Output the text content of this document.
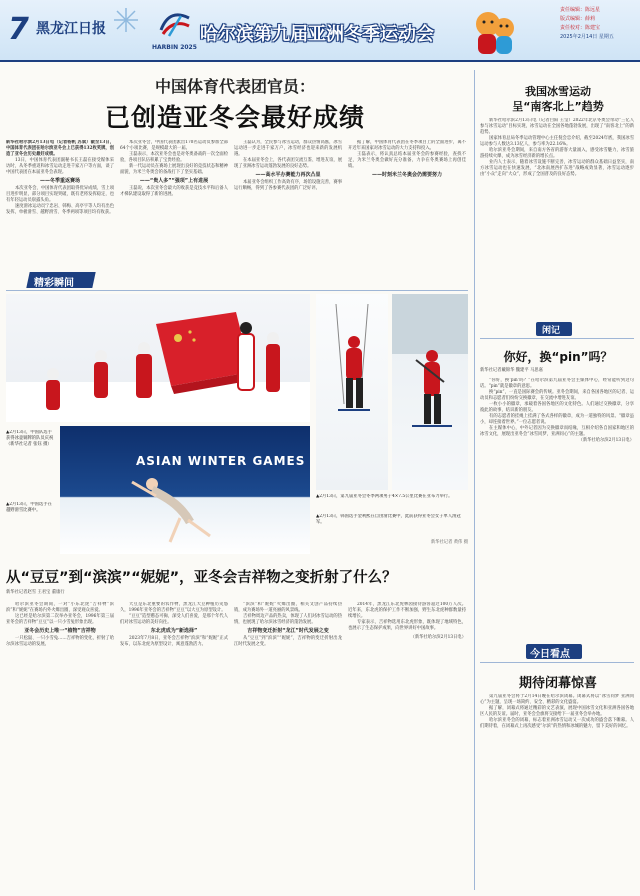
7 黑龙江日报
HARBIN 2025
哈尔滨第九届亚洲冬季运动会
责任编辑：陈远星
版式编辑：薛莉
责任校对：陈建宝
2025年2月14日 星期五
中国体育代表团官员：
已创造亚冬会最好成绩

新华社哈尔滨2月13日电（记者杨帆 苏斌）截至13日，中国体育代表团在哈尔滨亚冬会上已获得132枚奖牌，创造了亚冬会历史最好成绩。

13日，中国体育代表团副秘书长王磊在接受媒体采访时，从冬季重返和冰雪运动走进千家万户等方面，谈了中国代表团在本届亚冬会表现。

——冬季重返赛场

本次亚冬会，中国体育代表团取得优异成绩，雪上项目进步明显，部分项目实现突破，既有老将发挥稳定，也有年轻运动员崭露头角。

速度滑冰运动员宁忠岩、韩梅、高亭宇等人均有出色发挥，单板滑雪、越野滑雪、冬季两项等项目均有收获。

本次亚冬会，中国代表团派出170名运动员参加全部64个小项比赛，是规模最大的一届。

王磊表示，本次亚冬会也是对冬奥备战的一次全面检验，各项目队伍积累了宝贵经验。

新一代运动员在赛场上展现出良好的竞技状态和精神面貌，为米兰冬奥会的备战打下了坚实基础。

——“贵人多”“强项”上有进展

王磊说，本次亚冬会最大的收获是竞技水平和后备人才梯队建设取得了新的进展。

王磊认为，全民参与冰雪运动，群众热情高涨，冰雪运动进一步走进千家万户，冰雪经济也迎来新的发展机遇。

在本届亚冬会上，各代表团交流互鉴、增进友谊，展现了亚洲冰雪运动蓬勃发展的良好态势。

——高水平办赛能力再次凸显

本届亚冬会组织工作高效有序，场馆设施完善，赛事运行顺畅，得到了各参赛代表团的广泛好评。

据了解，中国体育代表团在冬季项目上的全面进步，离不开近年来国家对冰雪运动的大力支持和投入。

王磊表示，将认真总结本届亚冬会的参赛经验，查找不足，为米兰冬奥会做好充分准备，力争在冬奥赛场上再创佳绩。

——时刻米兰冬奥会仍需要努力
精彩瞬间
ASIAN WINTER GAMES
▲2月13日，中国队选手获得冰壶铜牌的队员庆祝（新华社记者 张钰 摄）
▲2月13日，中国选手在越野滑雪比赛中。
▲2月13日，第九届亚冬会冬季两项男子4×7.5公里比赛在亚布力举行。
▲2月13日，韩国选手金利熙在自由滑比赛中，此前获得亚冬会女子单人滑冠军。
新华社记者 黄伟 摄
从“豆豆”到“滨滨”“妮妮”，亚冬会吉祥物之变折射了什么？
新华社记者赵雪 王君宝 董康行

哈尔滨亚冬会期间，一对“小东北虎”吉祥物“滨滨”和“妮妮”在赛场内外火爆出圈，深受观众喜爱。

这已经是哈尔滨第二次举办亚冬会，1996年第三届亚冬会的吉祥物“豆豆”以一只小雪兔形象出现。

亚冬会历史上唯一“植物”吉祥物

一只松鼠、一只小雪兔……吉祥物的变化，折射了哈尔滨冰雪运动的发展。

大豆是东北重要的农作物，黑龙江大豆种植历史悠久，1996年亚冬会的吉祥物“豆豆”以大豆为原型设计。

“豆豆”造型憨态可掬，深受人们喜爱，是那个年代人们对冰雪运动的美好向往。

东北虎成为“新选择”

2023年7月8日，亚冬会吉祥物“滨滨”和“妮妮”正式发布，以东北虎为原型设计，寓意蓬勃活力。

“滨滨”和“妮妮”火爆出圈，相关文创产品持续热销，成为赛场外一道亮丽的风景线。

吉祥物周边产品的热卖，体现了人们对冰雪运动的热情，也展现了哈尔滨冰雪经济的蓬勃发展。

吉祥物变迁折射“龙江”时代发展之变

从“豆豆”到“滨滨”“妮妮”，吉祥物的变迁折射出龙江时代发展之变。

2014年，黑龙江东北虎林园接待游客超过100万人次。近年来，东北虎的保护工作不断加强，野生东北虎种群数量持续增长。

专家表示，吉祥物选用东北虎形象，既体现了地域特色，也展示了生态保护成果，向世界讲好中国故事。

（新华社哈尔滨2月13日电）
我国冰雪运动
呈“南客北上”趋势

新华社哈尔滨2月13日电（记者白阳 王莹）2022年北京冬奥会带动“三亿人参与冰雪运动”目标实现，冰雪运动在全国各地蓬勃发展，出现了“南客北上”的新趋势。

国家体育总局冬季运动管理中心主任倪会忠介绍，截至2024年底，我国冰雪运动参与人数达3.13亿人，参与率为22.16%。

哈尔滨亚冬会期间，来自南方各省的游客大量涌入，感受冰雪魅力，冰雪旅游持续火爆，成为冰雪经济新的增长点。

业内人士表示，随着冰雪设施不断完善，冰雪运动的群众基础日益坚实，南方冰雪运动也在快速发展，“北冰南展西扩东进”战略成效显著，冰雪运动逐步由“小众”走向“大众”，形成了全国普及的良好态势。

闲记
你好，换“pin”吗？
新华社记者戴锦华 魏建平 马思嘉

“你好，换‘pin’吗？”在哈尔滨第九届亚冬会主媒体中心，经常能听到这句话。“pin”就是徽章的意思。

换“pin”，一直是国际赛会的传统。亚冬会期间，来自各国各地区的记者、运动员和志愿者们纷纷交换徽章，在交流中增进友谊。

一枚小小的徽章，承载着各国各地区的文化特色。人们通过交换徽章，分享彼此的故事，结识新的朋友。

有的志愿者的挂绳上挂满了各式各样的徽章，成为一道独特的风景。“徽章虽小，却连接着世界。”一位志愿者说。

在主媒体中心，中外记者因为交换徽章而结缘，互相介绍各自国家和地区的冰雪文化，展现出亚冬会“冰雪同梦，亚洲同心”的主题。

（新华社哈尔滨2月13日电）
今日看点
期待闭幕惊喜

第九届亚冬会将于2月14日晚在哈尔滨闭幕。闭幕式将以“冰雪同梦 亚洲同心”为主题，呈现一场简约、安全、精彩的文化盛宴。

据了解，闭幕式将通过精彩的文艺表演，展现中国冰雪文化和亚洲各国各地区人民的友谊。届时，亚冬会会旗将交接给下一届亚冬会举办地。

哈尔滨亚冬会的闭幕，标志着亚洲冰雪运动又一次成功的盛会落下帷幕。人们期待着，在闭幕式上再次感受“尔滨”的热情和冰城的魅力，留下美好的回忆。
